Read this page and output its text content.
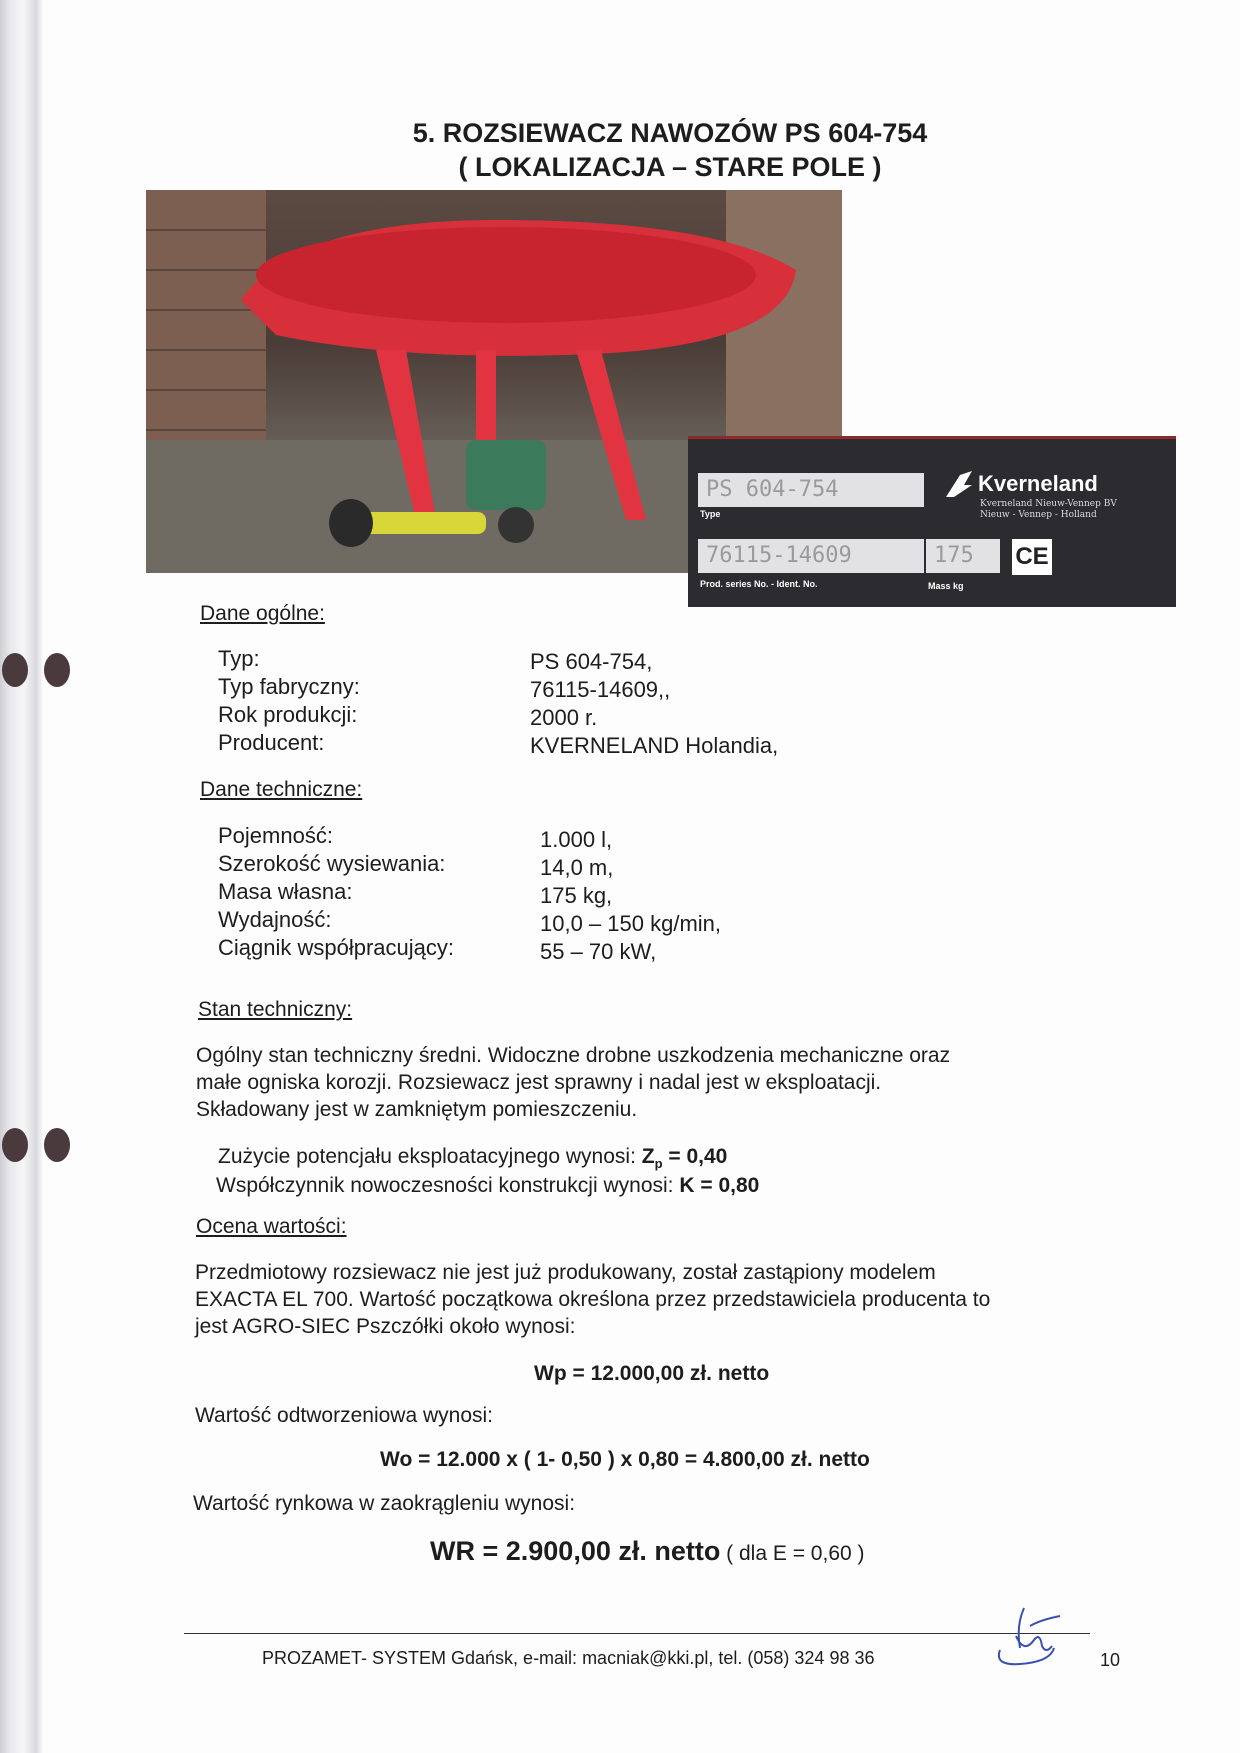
5. ROZSIEWACZ NAWOZÓW PS 604-754
( LOKALIZACJA – STARE POLE )
PS 604-754
Type
76115-14609
Prod. series No. - Ident. No.
175
Mass kg
Kverneland
Kverneland Nieuw-Vennep BV
Nieuw - Vennep - Holland
CE
Dane ogólne:
Typ:
Typ fabryczny:
Rok produkcji:
Producent:
PS 604-754,
76115-14609,,
2000 r.
KVERNELAND Holandia,
Dane techniczne:
Pojemność:
Szerokość wysiewania:
Masa własna:
Wydajność:
Ciągnik współpracujący:
1.000 l,
14,0 m,
175 kg,
10,0 – 150 kg/min,
55 – 70 kW,
Stan techniczny:
Ogólny stan techniczny średni. Widoczne drobne uszkodzenia mechaniczne oraz
małe ogniska korozji. Rozsiewacz jest sprawny i nadal jest w eksploatacji.
Składowany jest w zamkniętym pomieszczeniu.
Zużycie potencjału eksploatacyjnego wynosi: $Z_p = 0,40$
Współczynnik nowoczesności konstrukcji wynosi: K = 0,80
Ocena wartości:
Przedmiotowy rozsiewacz nie jest już produkowany, został zastąpiony modelem
EXACTA EL 700. Wartość początkowa określona przez przedstawiciela producenta to
jest AGRO-SIEC Pszczółki około wynosi:
Wp = 12.000,00 zł. netto
Wartość odtworzeniowa wynosi:
Wo = 12.000 x ( 1- 0,50 ) x 0,80 = 4.800,00 zł. netto
Wartość rynkowa w zaokrągleniu wynosi:
WR = 2.900,00 zł. netto ( dla E = 0,60 )
PROZAMET- SYSTEM Gdańsk, e-mail: macniak@kki.pl, tel. (058) 324 98 36	10
